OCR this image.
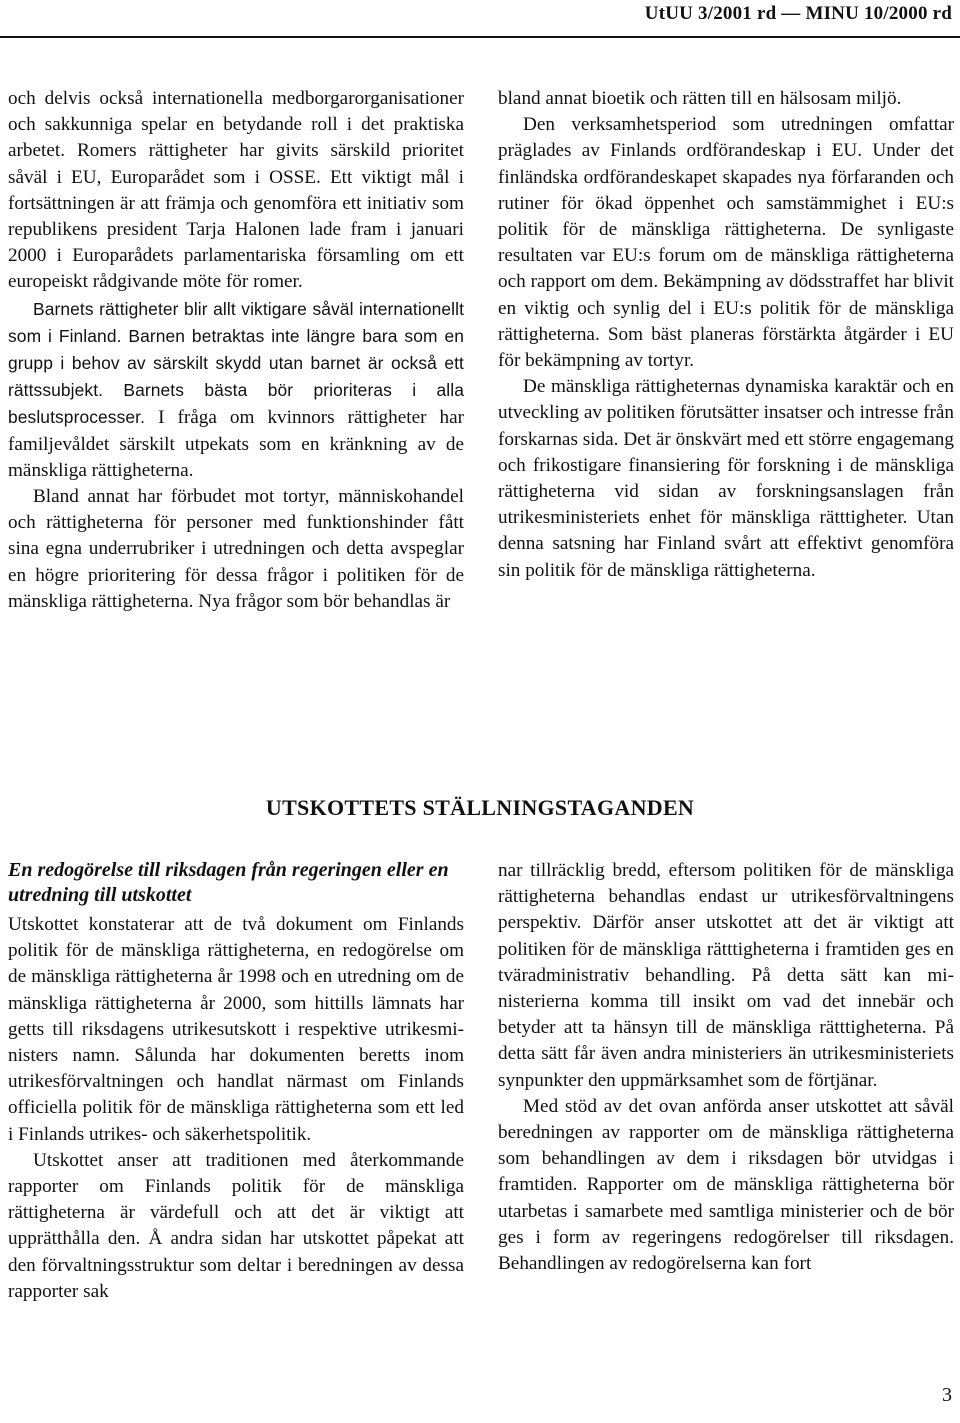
UtUU 3/2001 rd — MINU 10/2000 rd

och delvis också internationella medborgarorganisationer och sakkunniga spelar en betydande roll i det praktiska arbetet. Romers rättigheter har givits särskild prioritet såväl i EU, Europarådet som i OSSE. Ett viktigt mål i fortsättningen är att främja och genomföra ett initiativ som republikens president Tarja Halonen lade fram i januari 2000 i Europarådets parlamentariska församling om ett europeiskt rådgivande möte för romer.

Barnets rättigheter blir allt viktigare såväl internationellt som i Finland. Barnen betraktas inte längre bara som en grupp i behov av särskilt skydd utan barnet är också ett rättssubjekt. Barnets bästa bör prioriteras i alla beslutsprocesser. I fråga om kvinnors rättigheter har familjevåldet särskilt utpekats som en kränkning av de mänskliga rättigheterna.

Bland annat har förbudet mot tortyr, människohandel och rättigheterna för personer med funktionshinder fått sina egna underrubriker i utredningen och detta avspeglar en högre prioritering för dessa frågor i politiken för de mänskliga rättigheterna. Nya frågor som bör behandlas är

bland annat bioetik och rätten till en hälsosam miljö.

Den verksamhetsperiod som utredningen omfattar präglades av Finlands ordförandeskap i EU. Under det finländska ordförandeskapet skapades nya förfaranden och rutiner för ökad öppenhet och samstämmighet i EU:s politik för de mänskliga rättigheterna. De synligaste resultaten var EU:s forum om de mänskliga rättigheterna och rapport om dem. Bekämpning av dödsstraffet har blivit en viktig och synlig del i EU:s politik för de mänskliga rättigheterna. Som bäst planeras förstärkta åtgärder i EU för bekämpning av tortyr.

De mänskliga rättigheternas dynamiska karaktär och en utveckling av politiken förutsätter insatser och intresse från forskarnas sida. Det är önskvärt med ett större engagemang och frikostigare finansiering för forskning i de mänskliga rättigheterna vid sidan av forskningsanslagen från utrikesministeriets enhet för mänskliga rätttigheter. Utan denna satsning har Finland svårt att effektivt genomföra sin politik för de mänskliga rättigheterna.

UTSKOTTETS STÄLLNINGSTAGANDEN
En redogörelse till riksdagen från regeringen eller en utredning till utskottet

Utskottet konstaterar att de två dokument om Finlands politik för de mänskliga rättigheterna, en redogörelse om de mänskliga rättigheterna år 1998 och en utredning om de mänskliga rättigheterna år 2000, som hittills lämnats har getts till riksdagens utrikesutskott i respektive utrikesministers namn. Sålunda har dokumenten beretts inom utrikesförvaltningen och handlat närmast om Finlands officiella politik för de mänskliga rättigheterna som ett led i Finlands utrikes- och säkerhetspolitik.

Utskottet anser att traditionen med återkommande rapporter om Finlands politik för de mänskliga rättigheterna är värdefull och att det är viktigt att upprätthålla den. Å andra sidan har utskottet påpekat att den förvaltningsstruktur som deltar i beredningen av dessa rapporter sak

nar tillräcklig bredd, eftersom politiken för de mänskliga rättigheterna behandlas endast ur utrikesförvaltningens perspektiv. Därför anser utskottet att det är viktigt att politiken för de mänskliga rätttigheterna i framtiden ges en tväradministrativ behandling. På detta sätt kan ministerierna komma till insikt om vad det innebär och betyder att ta hänsyn till de mänskliga rätttigheterna. På detta sätt får även andra ministeriers än utrikesministeriets synpunkter den uppmärksamhet som de förtjänar.

Med stöd av det ovan anförda anser utskottet att såväl beredningen av rapporter om de mänskliga rättigheterna som behandlingen av dem i riksdagen bör utvidgas i framtiden. Rapporter om de mänskliga rättigheterna bör utarbetas i samarbete med samtliga ministerier och de bör ges i form av regeringens redogörelser till riksdagen. Behandlingen av redogörelserna kan fort

3
